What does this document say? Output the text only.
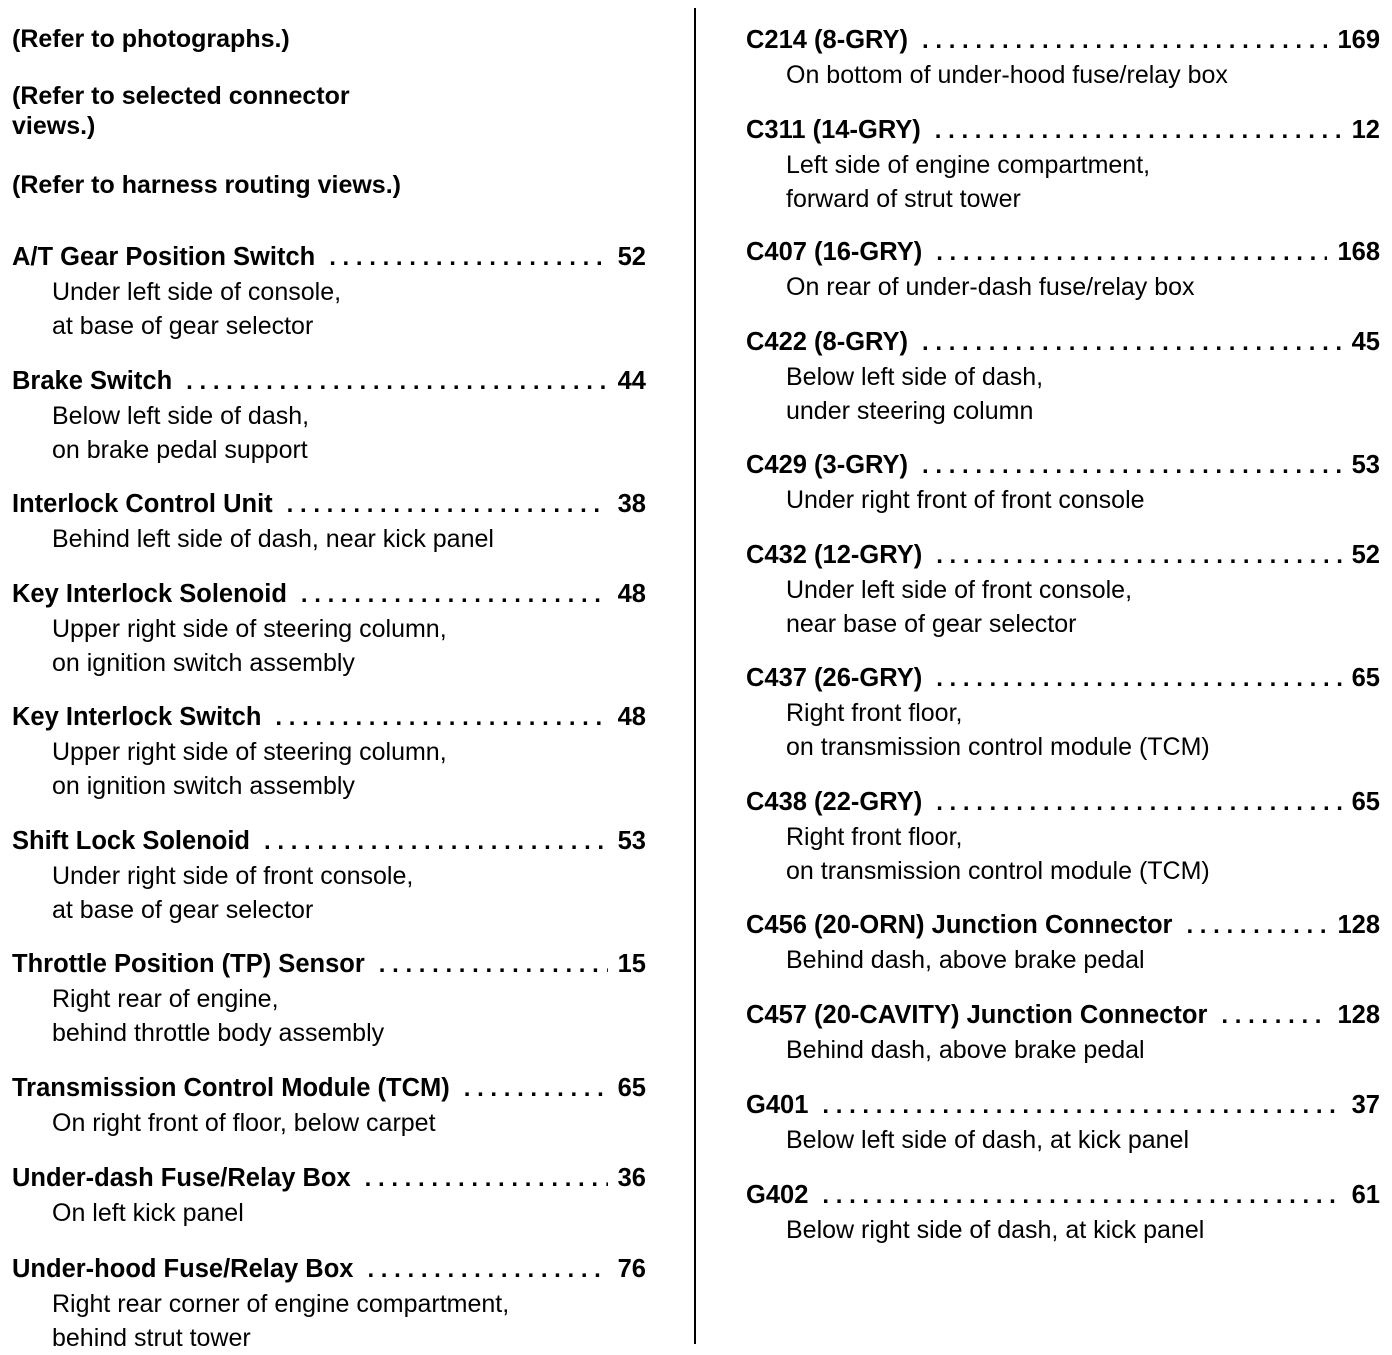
(Refer to photographs.)
(Refer to selected connector views.)
(Refer to harness routing views.)
A/T Gear Position Switch . . .	52
Under left side of console,
at base of gear selector
Brake Switch . . .	44
Below left side of dash,
on brake pedal support
Interlock Control Unit . . .	38
Behind left side of dash, near kick panel
Key Interlock Solenoid . . .	48
Upper right side of steering column,
on ignition switch assembly
Key Interlock Switch . . .	48
Upper right side of steering column,
on ignition switch assembly
Shift Lock Solenoid . . .	53
Under right side of front console,
at base of gear selector
Throttle Position (TP) Sensor . . .	15
Right rear of engine,
behind throttle body assembly
Transmission Control Module (TCM) . . .	65
On right front of floor, below carpet
Under-dash Fuse/Relay Box . . .	36
On left kick panel
Under-hood Fuse/Relay Box . . .	76
Right rear corner of engine compartment,
behind strut tower
C214 (8-GRY) . . .	169
On bottom of under-hood fuse/relay box
C311 (14-GRY) . . .	12
Left side of engine compartment,
forward of strut tower
C407 (16-GRY) . . .	168
On rear of under-dash fuse/relay box
C422 (8-GRY) . . .	45
Below left side of dash,
under steering column
C429 (3-GRY) . . .	53
Under right front of front console
C432 (12-GRY) . . .	52
Under left side of front console,
near base of gear selector
C437 (26-GRY) . . .	65
Right front floor,
on transmission control module (TCM)
C438 (22-GRY) . . .	65
Right front floor,
on transmission control module (TCM)
C456 (20-ORN) Junction Connector . . .	128
Behind dash, above brake pedal
C457 (20-CAVITY) Junction Connector . . .	128
Behind dash, above brake pedal
G401 . . .	37
Below left side of dash, at kick panel
G402 . . .	61
Below right side of dash, at kick panel
